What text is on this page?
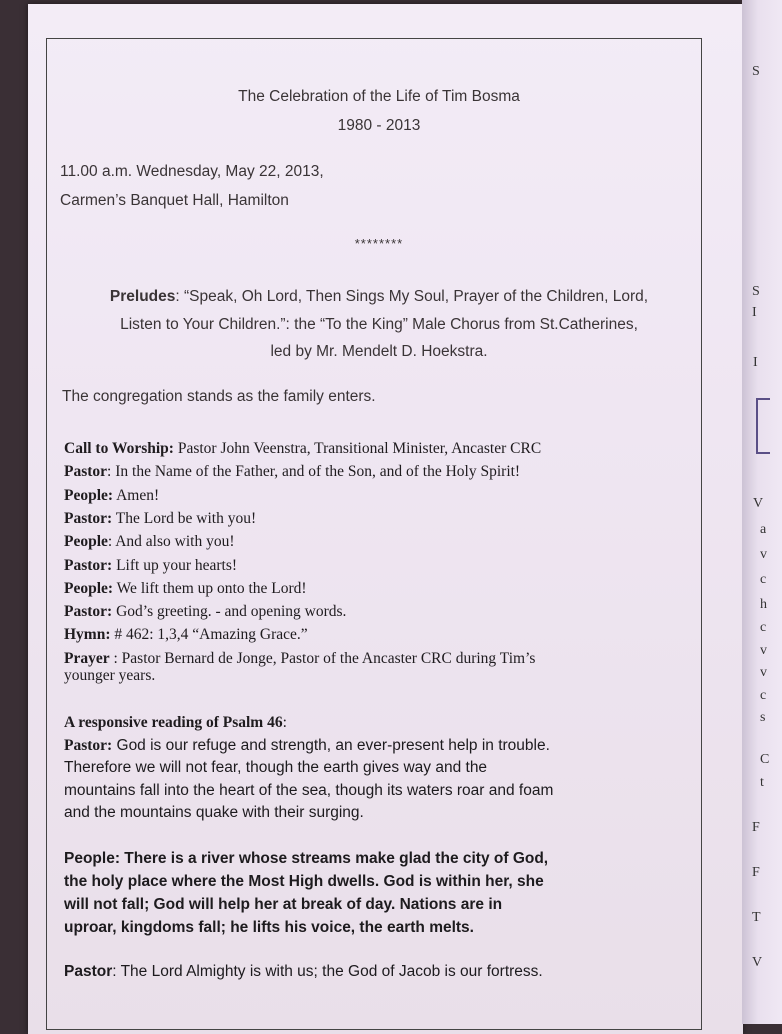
The Celebration of the Life of Tim Bosma
1980 - 2013
11.00 a.m. Wednesday, May 22, 2013,
Carmen’s Banquet Hall, Hamilton
********
Preludes: “Speak, Oh Lord, Then Sings My Soul, Prayer of the Children, Lord,
Listen to Your Children.”: the “To the King” Male Chorus from St.Catherines,
led by Mr. Mendelt D. Hoekstra.
The congregation stands as the family enters.
Call to Worship: Pastor John Veenstra, Transitional Minister, Ancaster CRC
Pastor: In the Name of the Father, and of the Son, and of the Holy Spirit!
People: Amen!
Pastor: The Lord be with you!
People: And also with you!
Pastor: Lift up your hearts!
People: We lift them up onto the Lord!
Pastor: God’s greeting. - and opening words.
Hymn: # 462: 1,3,4 “Amazing Grace.”
Prayer : Pastor Bernard de Jonge, Pastor of the Ancaster CRC during Tim’s
younger years.
A responsive reading of Psalm 46:
Pastor: God is our refuge and strength, an ever-present help in trouble.
Therefore we will not fear, though the earth gives way and the
mountains fall into the heart of the sea, though its waters roar and foam
and the mountains quake with their surging.
People: There is a river whose streams make glad the city of God,
the holy place where the Most High dwells. God is within her, she
will not fall; God will help her at break of day. Nations are in
uproar, kingdoms fall; he lifts his voice, the earth melts.
Pastor: The Lord Almighty is with us; the God of Jacob is our fortress.
S
S
I
I
V
a
v
c
h
c
v
v
c
s
C
t
F
F
T
V
